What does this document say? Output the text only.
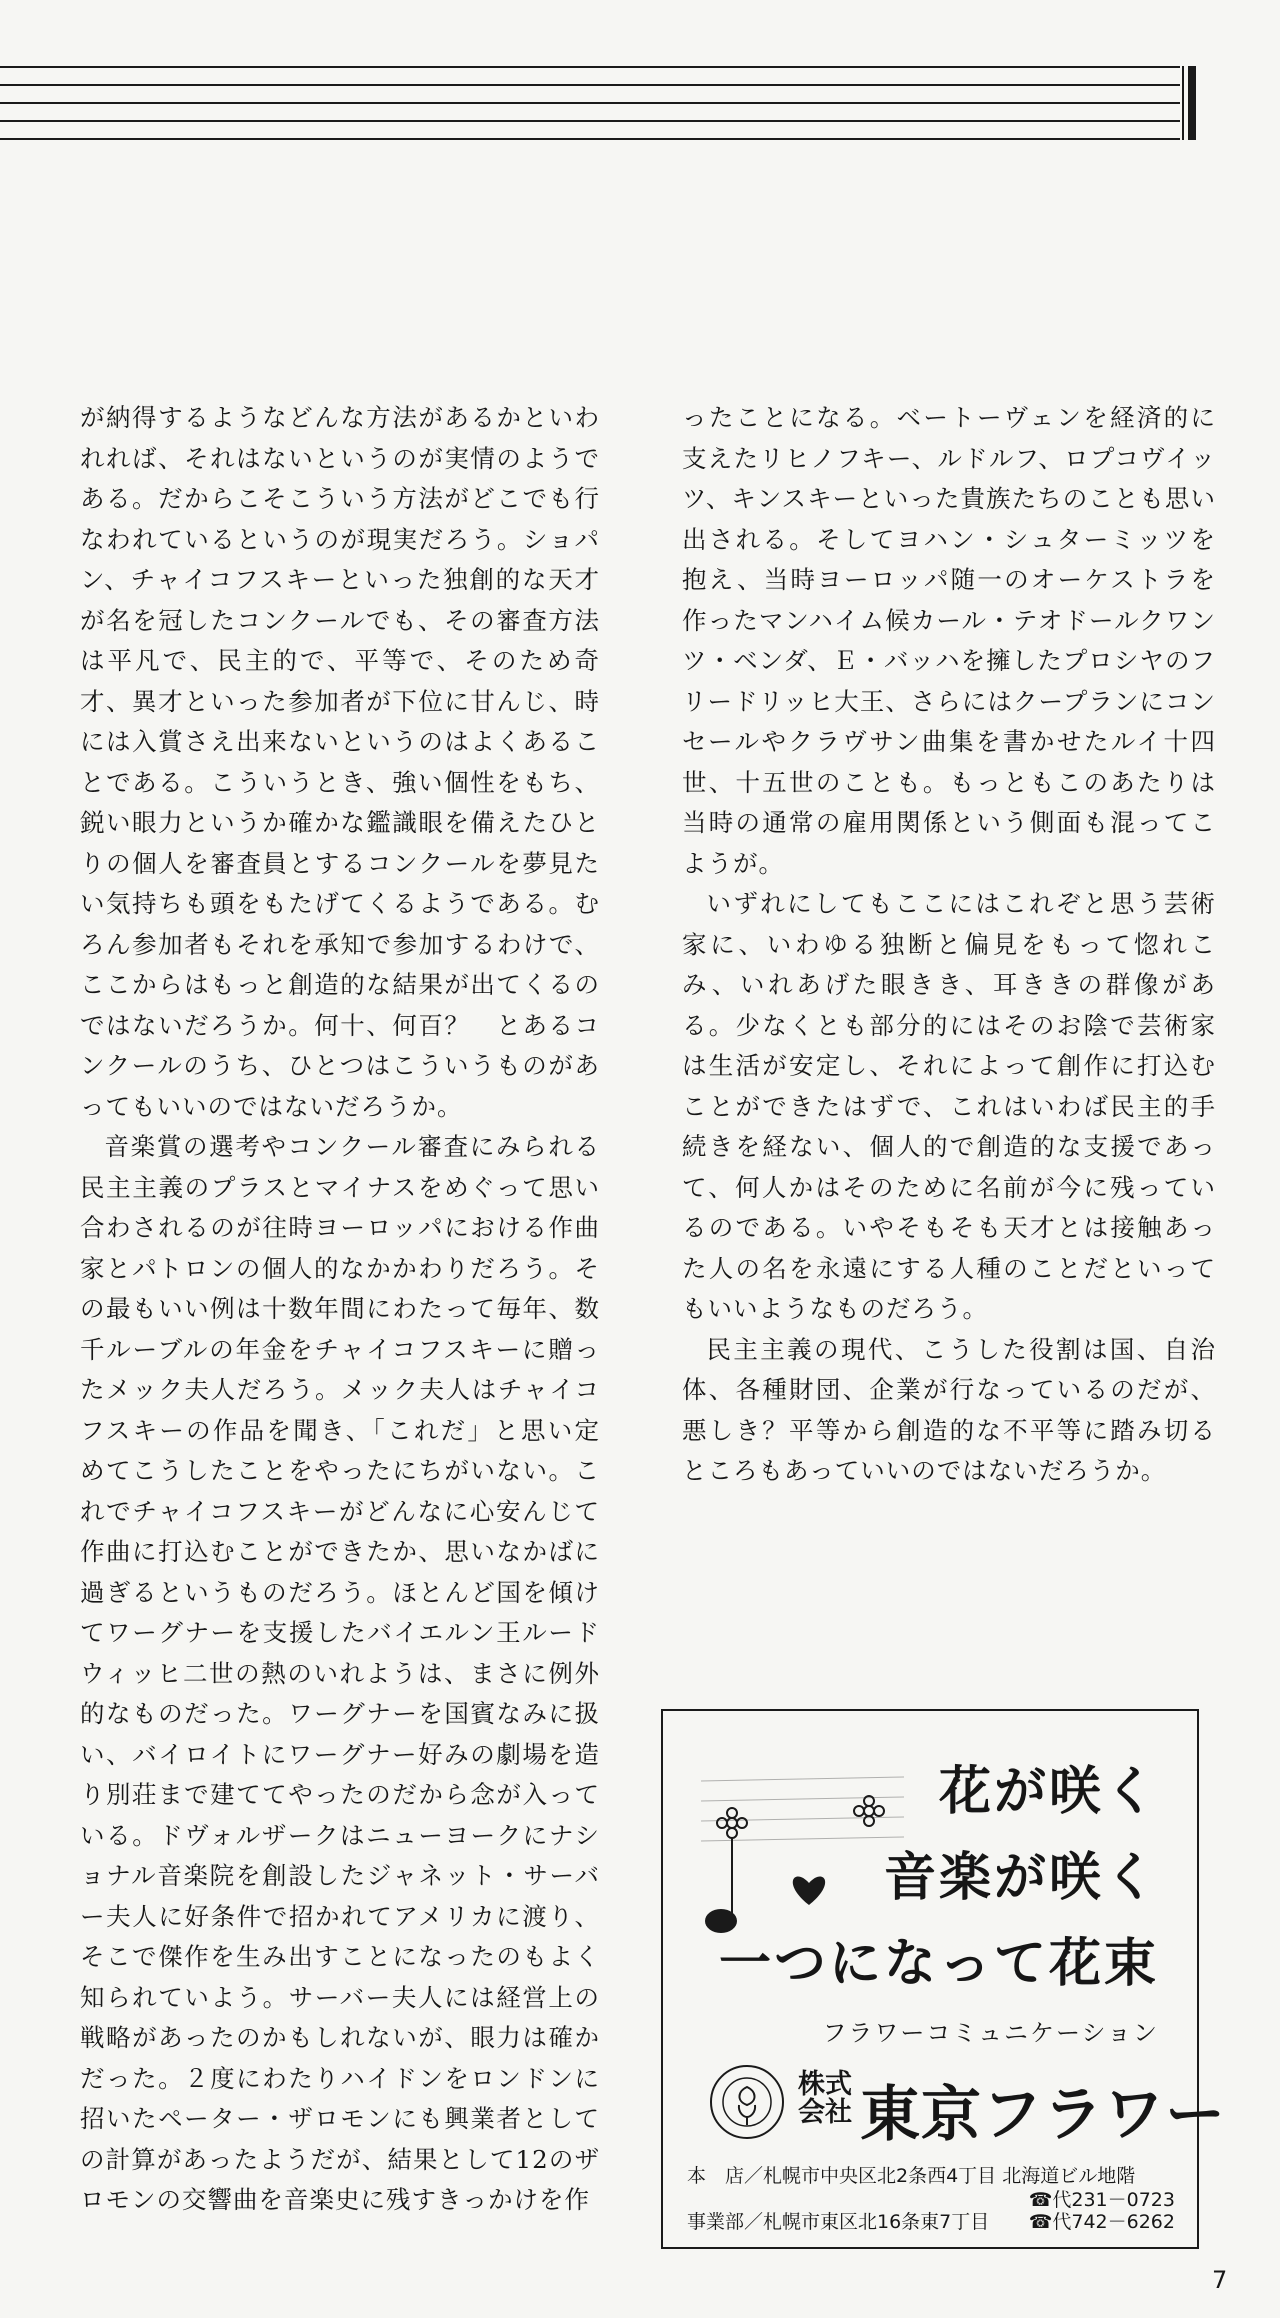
が納得するようなどんな方法があるかといわれれば、それはないというのが実情のようである。だからこそこういう方法がどこでも行なわれているというのが現実だろう。ショパン、チャイコフスキーといった独創的な天才が名を冠したコンクールでも、その審査方法は平凡で、民主的で、平等で、そのため奇才、異才といった参加者が下位に甘んじ、時には入賞さえ出来ないというのはよくあることである。こういうとき、強い個性をもち、鋭い眼力というか確かな鑑識眼を備えたひとりの個人を審査員とするコンクールを夢見たい気持ちも頭をもたげてくるようである。むろん参加者もそれを承知で参加するわけで、ここからはもっと創造的な結果が出てくるのではないだろうか。何十、何百？　とあるコンクールのうち、ひとつはこういうものがあってもいいのではないだろうか。

音楽賞の選考やコンクール審査にみられる民主主義のプラスとマイナスをめぐって思い合わされるのが往時ヨーロッパにおける作曲家とパトロンの個人的なかかわりだろう。その最もいい例は十数年間にわたって毎年、数千ルーブルの年金をチャイコフスキーに贈ったメック夫人だろう。メック夫人はチャイコフスキーの作品を聞き、「これだ」と思い定めてこうしたことをやったにちがいない。これでチャイコフスキーがどんなに心安んじて作曲に打込むことができたか、思いなかばに過ぎるというものだろう。ほとんど国を傾けてワーグナーを支援したバイエルン王ルードウィッヒ二世の熱のいれようは、まさに例外的なものだった。ワーグナーを国賓なみに扱い、バイロイトにワーグナー好みの劇場を造り別荘まで建ててやったのだから念が入っている。ドヴォルザークはニューヨークにナショナル音楽院を創設したジャネット・サーバー夫人に好条件で招かれてアメリカに渡り、そこで傑作を生み出すことになったのもよく知られていよう。サーバー夫人には経営上の戦略があったのかもしれないが、眼力は確かだった。２度にわたりハイドンをロンドンに招いたペーター・ザロモンにも興業者としての計算があったようだが、結果として12のザロモンの交響曲を音楽史に残すきっかけを作

ったことになる。ベートーヴェンを経済的に支えたリヒノフキー、ルドルフ、ロプコヴイッツ、キンスキーといった貴族たちのことも思い出される。そしてヨハン・シュターミッツを抱え、当時ヨーロッパ随一のオーケストラを作ったマンハイム候カール・テオドールクワンツ・ベンダ、Ｅ・バッハを擁したプロシヤのフリードリッヒ大王、さらにはクープランにコンセールやクラヴサン曲集を書かせたルイ十四世、十五世のことも。もっともこのあたりは当時の通常の雇用関係という側面も混ってこようが。

いずれにしてもここにはこれぞと思う芸術家に、いわゆる独断と偏見をもって惚れこみ、いれあげた眼きき、耳ききの群像がある。少なくとも部分的にはそのお陰で芸術家は生活が安定し、それによって創作に打込むことができたはずで、これはいわば民主的手続きを経ない、個人的で創造的な支援であって、何人かはそのために名前が今に残っているのである。いやそもそも天才とは接触あった人の名を永遠にする人種のことだといってもいいようなものだろう。

民主主義の現代、こうした役割は国、自治体、各種財団、企業が行なっているのだが、悪しき？平等から創造的な不平等に踏み切るところもあっていいのではないだろうか。

花が咲く
音楽が咲く
一つになって花束
フラワーコミュニケーション
株式会社 東京フラワー
本　店／札幌市中央区北2条西4丁目 北海道ビル地階
☎代231－0723
事業部／札幌市東区北16条東7丁目 ☎代742－6262
7
